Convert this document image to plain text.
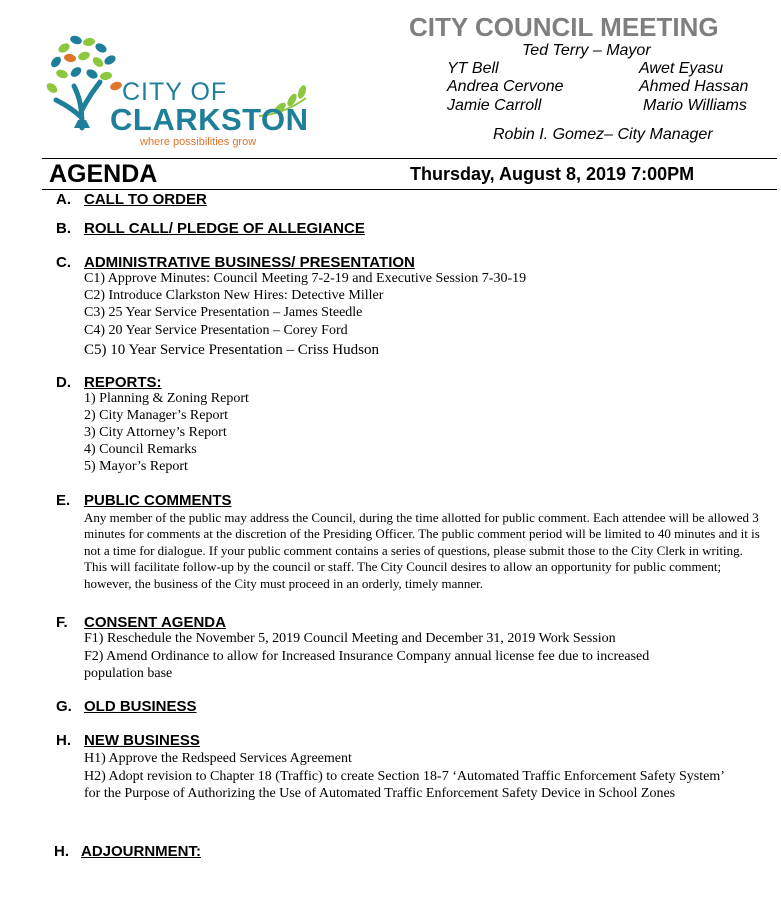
CITY OF
CLARKSTON
where possibilities grow
CITY COUNCIL MEETING
Ted Terry – Mayor
YT Bell
Andrea Cervone
Jamie Carroll
Awet Eyasu
Ahmed Hassan
Mario Williams
Robin I. Gomez– City Manager
AGENDA	Thursday, August 8, 2019 7:00PM
A. CALL TO ORDER
B. ROLL CALL/ PLEDGE OF ALLEGIANCE
C. ADMINISTRATIVE BUSINESS/ PRESENTATION
C1) Approve Minutes: Council Meeting 7-2-19 and Executive Session 7-30-19
C2) Introduce Clarkston New Hires: Detective Miller
C3) 25 Year Service Presentation – James Steedle
C4) 20 Year Service Presentation – Corey Ford
C5) 10 Year Service Presentation – Criss Hudson
D. REPORTS:
1) Planning & Zoning Report
2) City Manager’s Report
3) City Attorney’s Report
4) Council Remarks
5) Mayor’s Report
E. PUBLIC COMMENTS
Any member of the public may address the Council, during the time allotted for public comment. Each attendee will be allowed 3 minutes for comments at the discretion of the Presiding Officer. The public comment period will be limited to 40 minutes and it is not a time for dialogue. If your public comment contains a series of questions, please submit those to the City Clerk in writing. This will facilitate follow-up by the council or staff. The City Council desires to allow an opportunity for public comment; however, the business of the City must proceed in an orderly, timely manner.
F. CONSENT AGENDA
F1) Reschedule the November 5, 2019 Council Meeting and December 31, 2019 Work Session
F2) Amend Ordinance to allow for Increased Insurance Company annual license fee due to increased population base
G. OLD BUSINESS
H. NEW BUSINESS
H1) Approve the Redspeed Services Agreement
H2) Adopt revision to Chapter 18 (Traffic) to create Section 18-7 ‘Automated Traffic Enforcement Safety System’ for the Purpose of Authorizing the Use of Automated Traffic Enforcement Safety Device in School Zones
H. ADJOURNMENT:
